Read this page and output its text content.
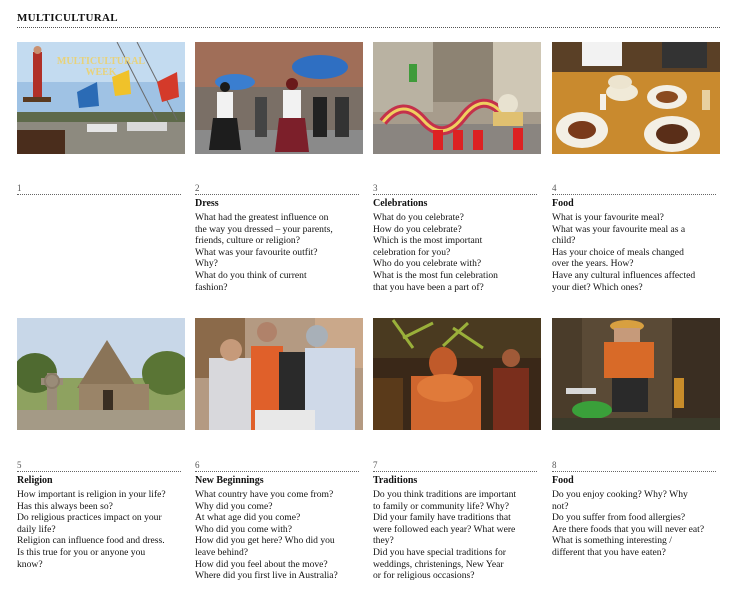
MULTICULTURAL
MULTICULTURAL
WEEK
1	2
Dress
What had the greatest influence on
the way you dressed – your parents,
friends, culture or religion?
What was your favourite outfit?
Why?
What do you think of current
fashion?
3
Celebrations
What do you celebrate?
How do you celebrate?
Which is the most important
celebration for you?
Who do you celebrate with?
What is the most fun celebration
that you have been a part of?
4
Food
What is your favourite meal?
What was your favourite meal as a
child?
Has your choice of meals changed
over the years. How?
Have any cultural influences affected
your diet? Which ones?
5
Religion
How important is religion in your life?
Has this always been so?
Do religious practices impact on your
daily life?
Religion can influence food and dress.
Is this true for you or anyone you
know?
6
New Beginnings
What country have you come from?
Why did you come?
At what age did you come?
Who did you come with?
How did you get here? Who did you
leave behind?
How did you feel about the move?
Where did you first live in Australia?
7
Traditions
Do you think traditions are important
to family or community life? Why?
Did your family have traditions that
were followed each year? What were
they?
Did you have special traditions for
weddings, christenings, New Year
or for religious occasions?
8
Food
Do you enjoy cooking? Why? Why
not?
Do you suffer from food allergies?
Are there foods that you will never eat?
What is something interesting /
different that you have eaten?
